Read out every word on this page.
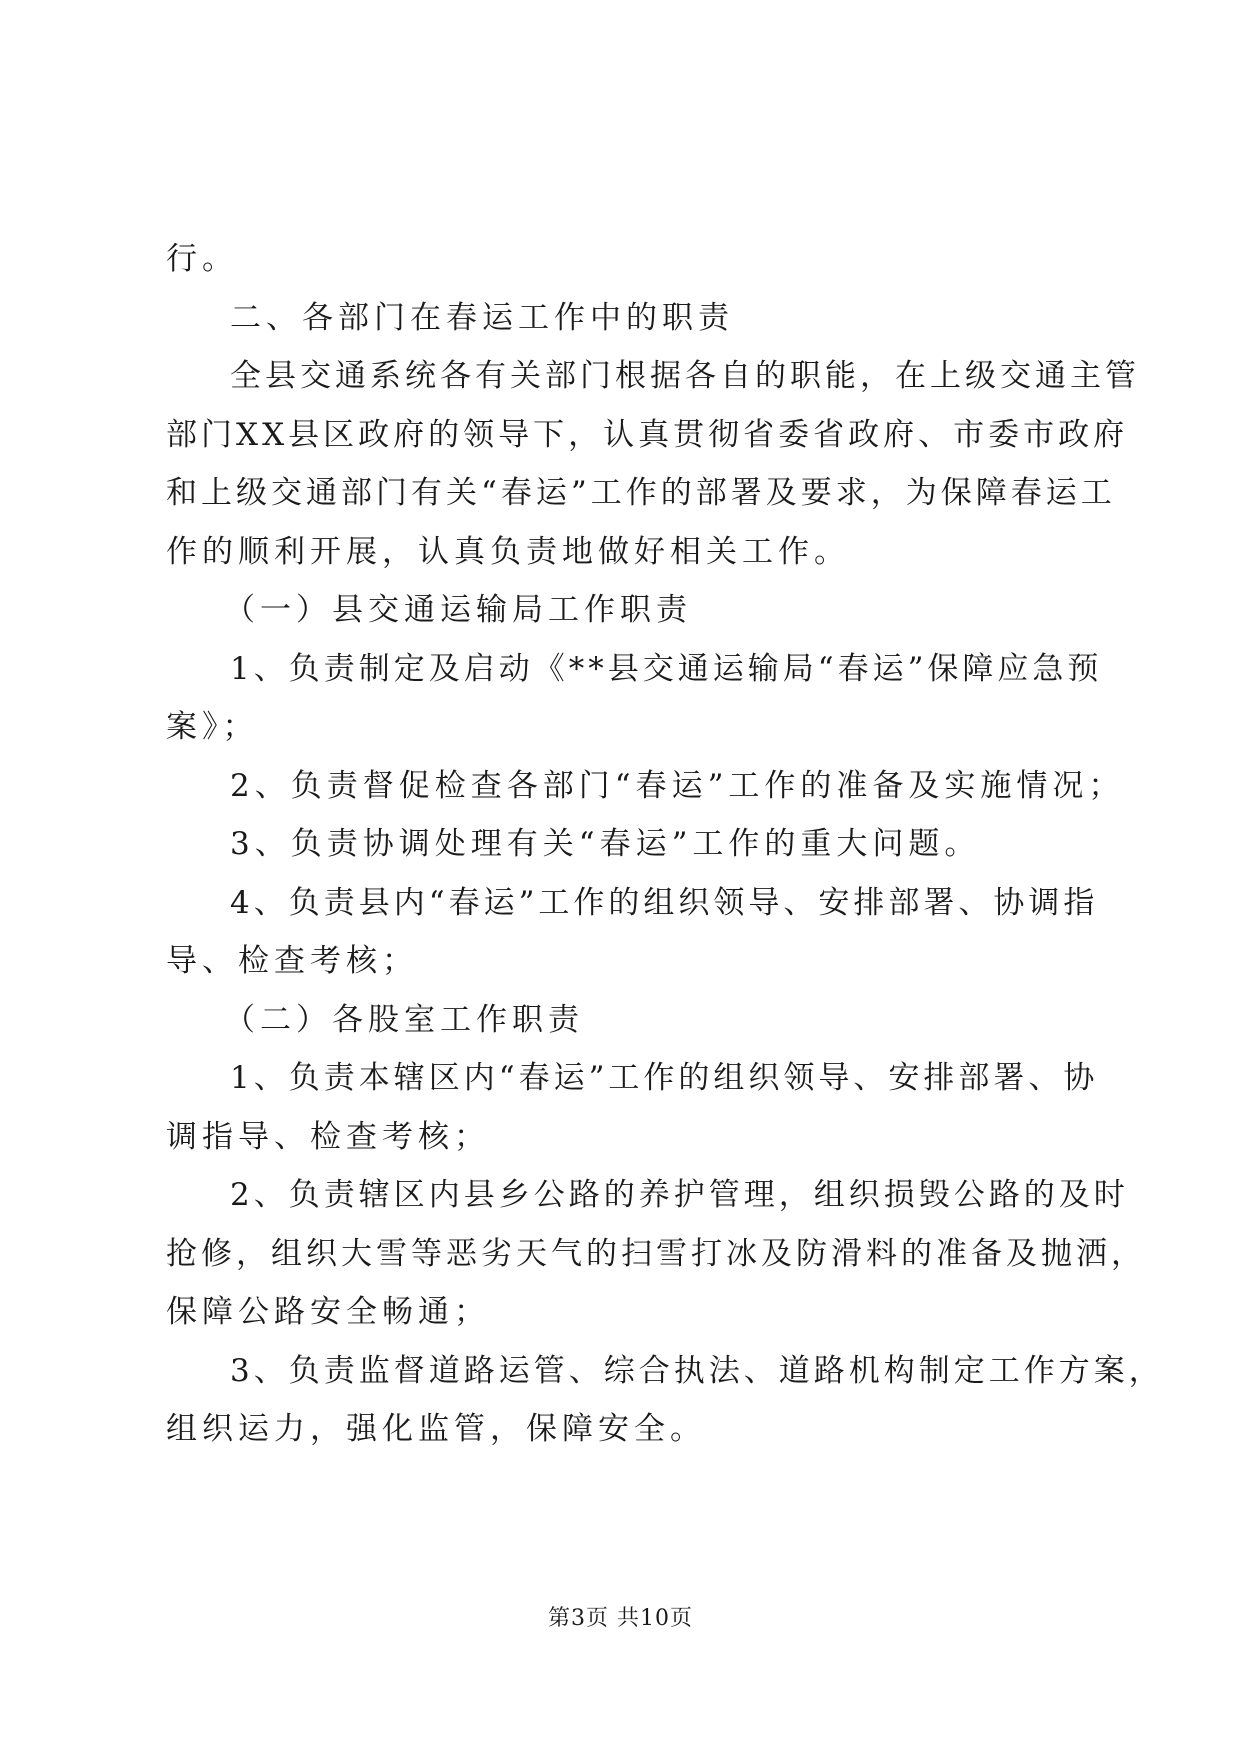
行。

二、各部门在春运工作中的职责

全县交通系统各有关部门根据各自的职能，在上级交通主管

部门XX县区政府的领导下，认真贯彻省委省政府、市委市政府

和上级交通部门有关“春运”工作的部署及要求，为保障春运工

作的顺利开展，认真负责地做好相关工作。

（一）县交通运输局工作职责

1、负责制定及启动《**县交通运输局“春运”保障应急预

案》；

2、负责督促检查各部门“春运”工作的准备及实施情况；

3、负责协调处理有关“春运”工作的重大问题。

4、负责县内“春运”工作的组织领导、安排部署、协调指

导、检查考核；

（二）各股室工作职责

1、负责本辖区内“春运”工作的组织领导、安排部署、协

调指导、检查考核；

2、负责辖区内县乡公路的养护管理，组织损毁公路的及时

抢修，组织大雪等恶劣天气的扫雪打冰及防滑料的准备及抛洒，

保障公路安全畅通；

3、负责监督道路运管、综合执法、道路机构制定工作方案，

组织运力，强化监管，保障安全。

第3页 共10页
